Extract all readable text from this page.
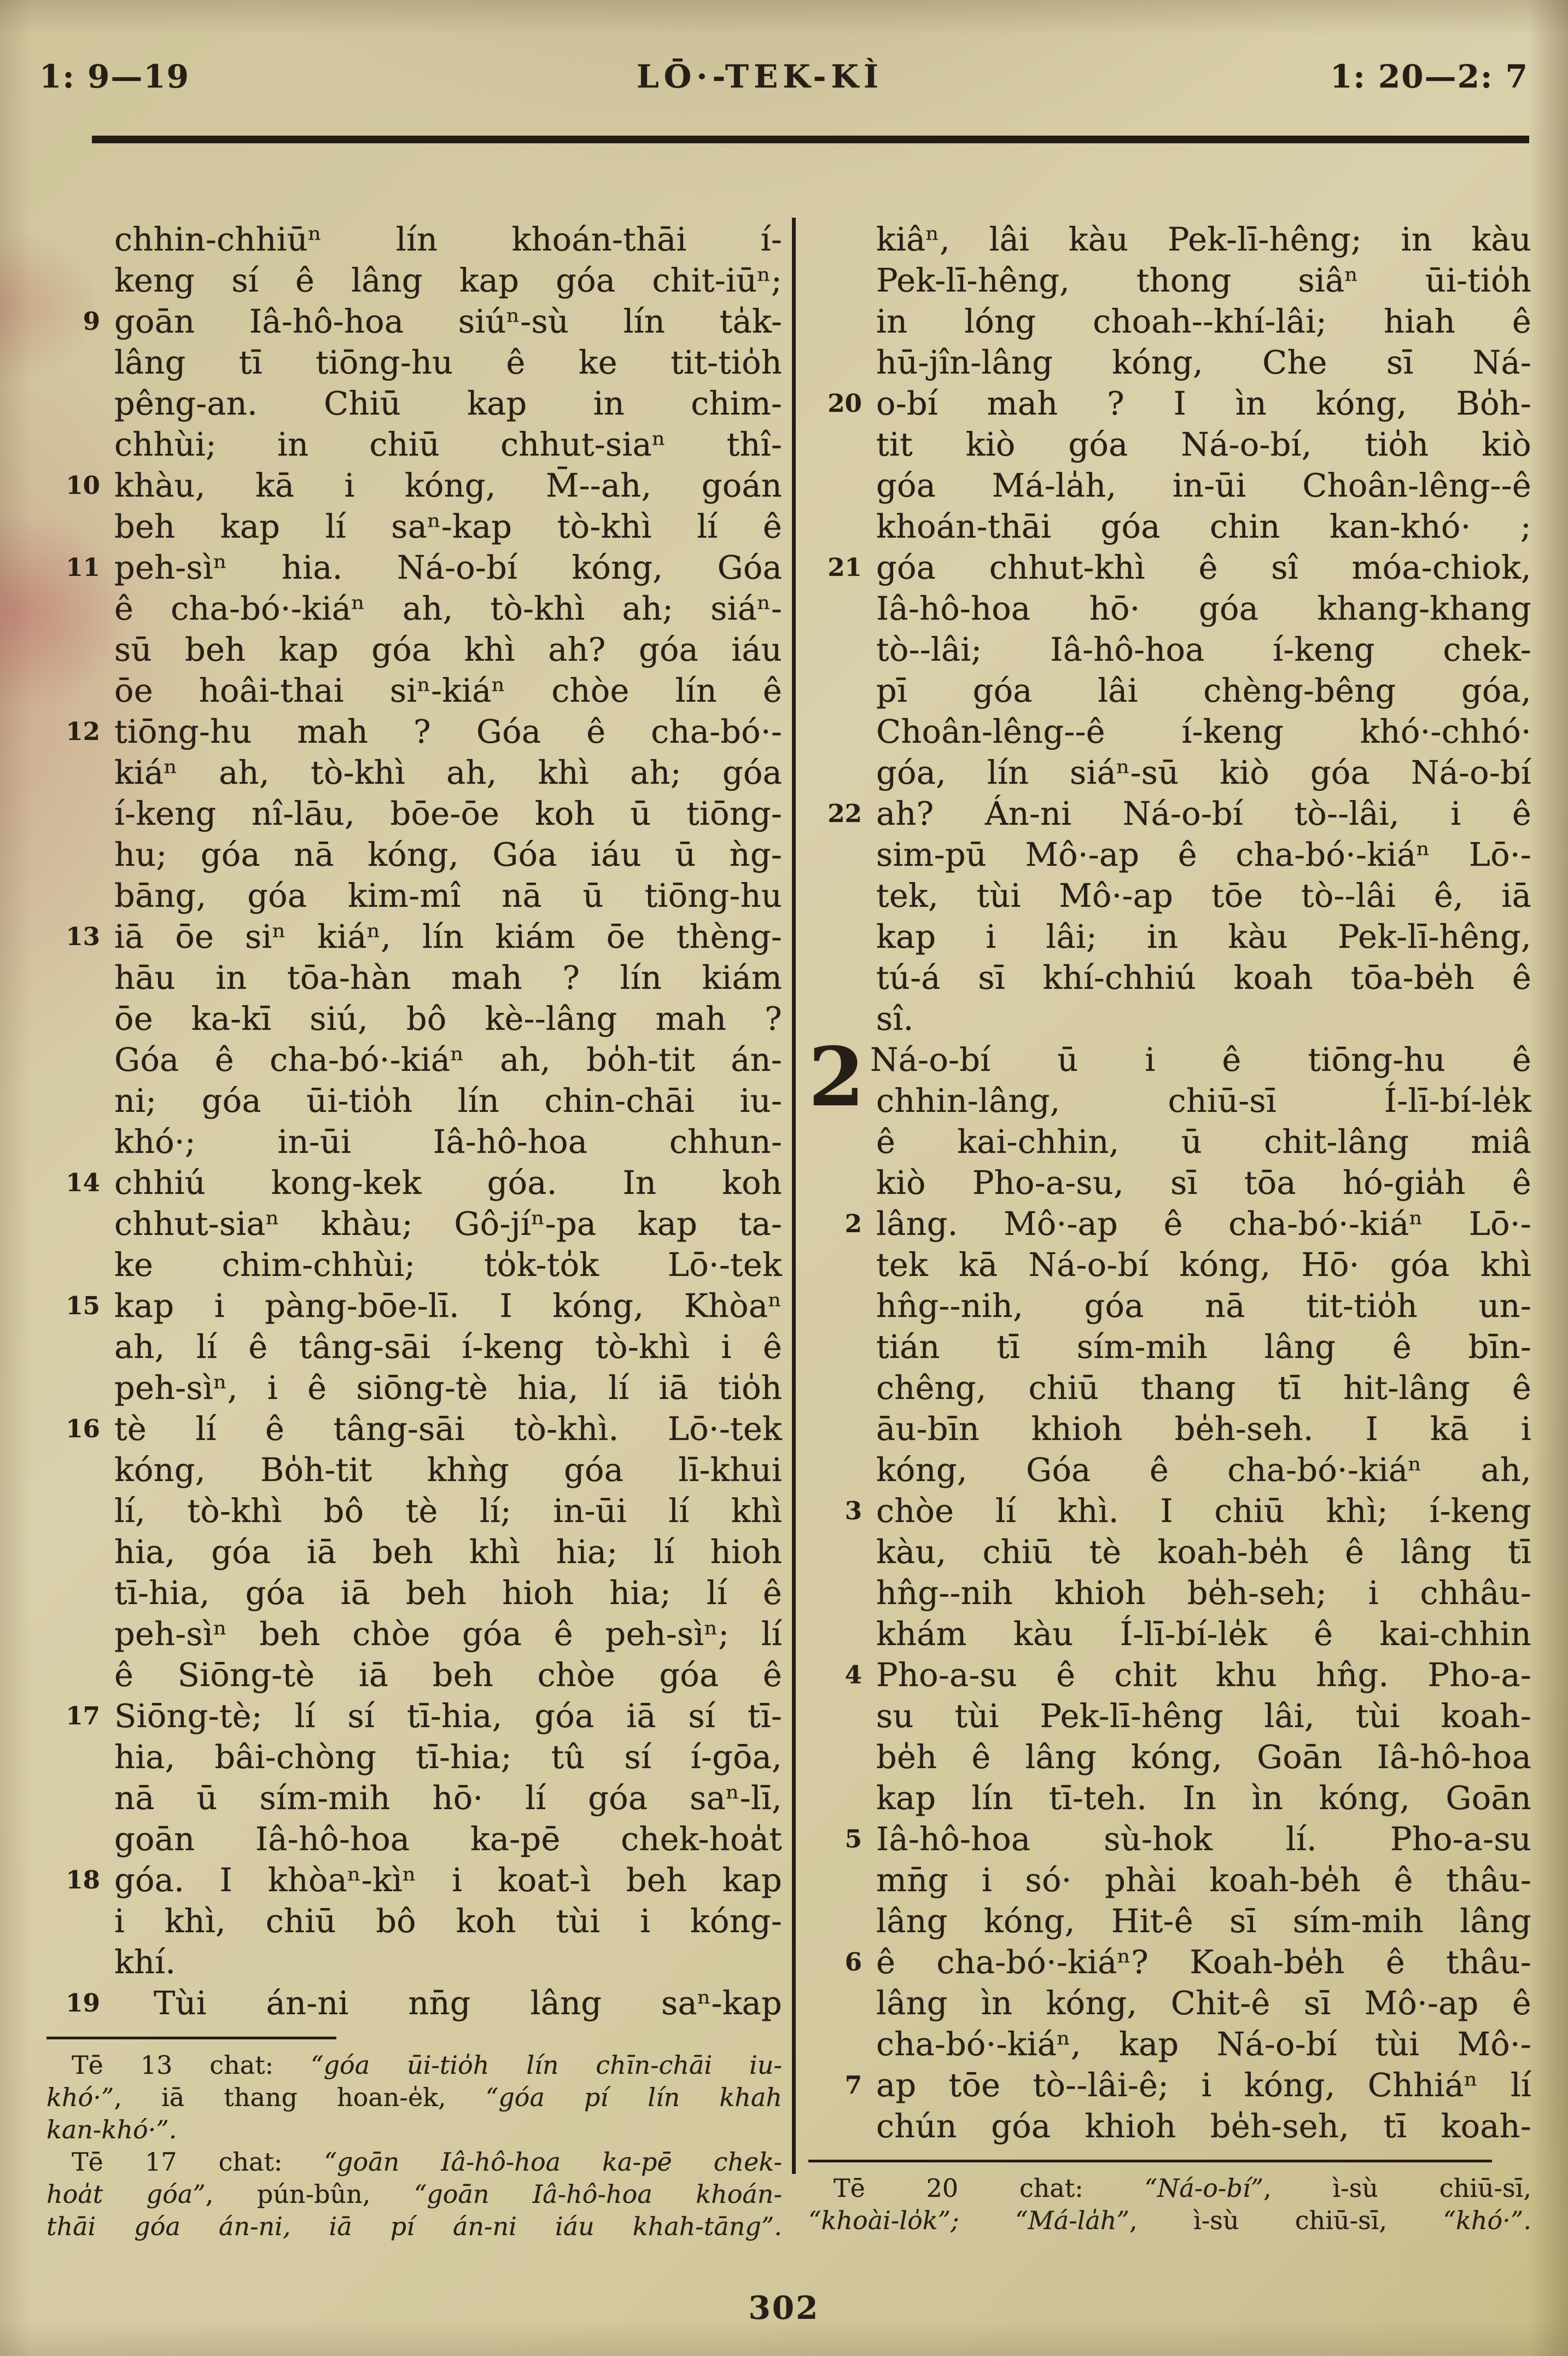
1: 9—19	LŌ·-TEK-KÌ	1: 20—2: 7
chhin-chhiūⁿ lín khoán-thāi í-
keng sí ê lâng kap góa chit-iūⁿ;
9 goān Iâ-hô-hoa siúⁿ-sù lín ta̍k-
lâng tī tiōng-hu ê ke tit-tio̍h
pêng-an. Chiū kap in chim-
chhùi; in chiū chhut-siaⁿ thî-
10 khàu, kā i kóng, M̄--ah, goán
beh kap lí saⁿ-kap tò-khì lí ê
11 peh-sìⁿ hia. Ná-o-bí kóng, Góa
ê cha-bó·-kiáⁿ ah, tò-khì ah; siáⁿ-
sū beh kap góa khì ah? góa iáu
ōe hoâi-thai siⁿ-kiáⁿ chòe lín ê
12 tiōng-hu mah ? Góa ê cha-bó·-
kiáⁿ ah, tò-khì ah, khì ah; góa
í-keng nî-lāu, bōe-ōe koh ū tiōng-
hu; góa nā kóng, Góa iáu ū ǹg-
bāng, góa kim-mî nā ū tiōng-hu
13 iā ōe siⁿ kiáⁿ, lín kiám ōe thèng-
hāu in tōa-hàn mah ? lín kiám
ōe ka-kī siú, bô kè--lâng mah ?
Góa ê cha-bó·-kiáⁿ ah, bo̍h-tit án-
ni; góa ūi-tio̍h lín chin-chāi iu-
khó·; in-ūi Iâ-hô-hoa chhun-
14 chhiú kong-kek góa. In koh
chhut-siaⁿ khàu; Gô-jíⁿ-pa kap ta-
ke chim-chhùi; to̍k-to̍k Lō·-tek
15 kap i pàng-bōe-lī. I kóng, Khòaⁿ
ah, lí ê tâng-sāi í-keng tò-khì i ê
peh-sìⁿ, i ê siōng-tè hia, lí iā tio̍h
16 tè lí ê tâng-sāi tò-khì. Lō·-tek
kóng, Bo̍h-tit khǹg góa lī-khui
lí, tò-khì bô tè lí; in-ūi lí khì
hia, góa iā beh khì hia; lí hioh
tī-hia, góa iā beh hioh hia; lí ê
peh-sìⁿ beh chòe góa ê peh-sìⁿ; lí
ê Siōng-tè iā beh chòe góa ê
17 Siōng-tè; lí sí tī-hia, góa iā sí tī-
hia, bâi-chòng tī-hia; tû sí í-gōa,
nā ū sím-mih hō· lí góa saⁿ-lī,
goān Iâ-hô-hoa ka-pē chek-hoa̍t
18 góa. I khòaⁿ-kìⁿ i koat-ì beh kap
i khì, chiū bô koh tùi i kóng-
khí.
19	Tùi án-ni nn̄g lâng saⁿ-kap
Tē 13 chat: “góa ūi-tio̍h lín chīn-chāi iu-
khó·”, iā thang hoan-e̍k, “góa pí lín khah
kan-khó·”.
Tē 17 chat: “goān Iâ-hô-hoa ka-pē chek-
hoa̍t góa”, pún-bûn, “goān Iâ-hô-hoa khoán-
thāi góa án-ni, iā pí án-ni iáu khah-tāng”.
kiâⁿ, lâi kàu Pek-lī-hêng; in kàu
Pek-lī-hêng, thong siâⁿ ūi-tio̍h
in lóng choah--khí-lâi; hiah ê
hū-jîn-lâng kóng, Che sī Ná-
20 o-bí mah ? I ìn kóng, Bo̍h-
tit kiò góa Ná-o-bí, tio̍h kiò
góa Má-la̍h, in-ūi Choân-lêng--ê
khoán-thāi góa chin kan-khó· ;
21 góa chhut-khì ê sî móa-chiok,
Iâ-hô-hoa hō· góa khang-khang
tò--lâi; Iâ-hô-hoa í-keng chek-
pī góa lâi chèng-bêng góa,
Choân-lêng--ê í-keng khó·-chhó·
góa, lín siáⁿ-sū kiò góa Ná-o-bí
22 ah? Án-ni Ná-o-bí tò--lâi, i ê
sim-pū Mô·-ap ê cha-bó·-kiáⁿ Lō·-
tek, tùi Mô·-ap tōe tò--lâi ê, iā
kap i lâi; in kàu Pek-lī-hêng,
tú-á sī khí-chhiú koah tōa-be̍h ê
sî.
2 Ná-o-bí ū i ê tiōng-hu ê
chhin-lâng, chiū-sī Í-lī-bí-le̍k
ê kai-chhin, ū chit-lâng miâ
kiò Pho-a-su, sī tōa hó-gia̍h ê
2 lâng. Mô·-ap ê cha-bó·-kiáⁿ Lō·-
tek kā Ná-o-bí kóng, Hō· góa khì
hn̂g--nih, góa nā tit-tio̍h un-
tián tī sím-mih lâng ê bīn-
chêng, chiū thang tī hit-lâng ê
āu-bīn khioh be̍h-seh. I kā i
kóng, Góa ê cha-bó·-kiáⁿ ah,
3 chòe lí khì. I chiū khì; í-keng
kàu, chiū tè koah-be̍h ê lâng tī
hn̂g--nih khioh be̍h-seh; i chhâu-
khám kàu Í-lī-bí-le̍k ê kai-chhin
4 Pho-a-su ê chit khu hn̂g. Pho-a-
su tùi Pek-lī-hêng lâi, tùi koah-
be̍h ê lâng kóng, Goān Iâ-hô-hoa
kap lín tī-teh. In ìn kóng, Goān
5 Iâ-hô-hoa sù-hok lí. Pho-a-su
mn̄g i só· phài koah-be̍h ê thâu-
lâng kóng, Hit-ê sī sím-mih lâng
6 ê cha-bó·-kiáⁿ? Koah-be̍h ê thâu-
lâng ìn kóng, Chit-ê sī Mô·-ap ê
cha-bó·-kiáⁿ, kap Ná-o-bí tùi Mô·-
7 ap tōe tò--lâi-ê; i kóng, Chhiáⁿ lí
chún góa khioh be̍h-seh, tī koah-
Tē 20 chat: “Ná-o-bí”, ì-sù chiū-sī,
“khoài-lo̍k”; “Má-la̍h”, ì-sù chiū-sī, “khó·”.
302
